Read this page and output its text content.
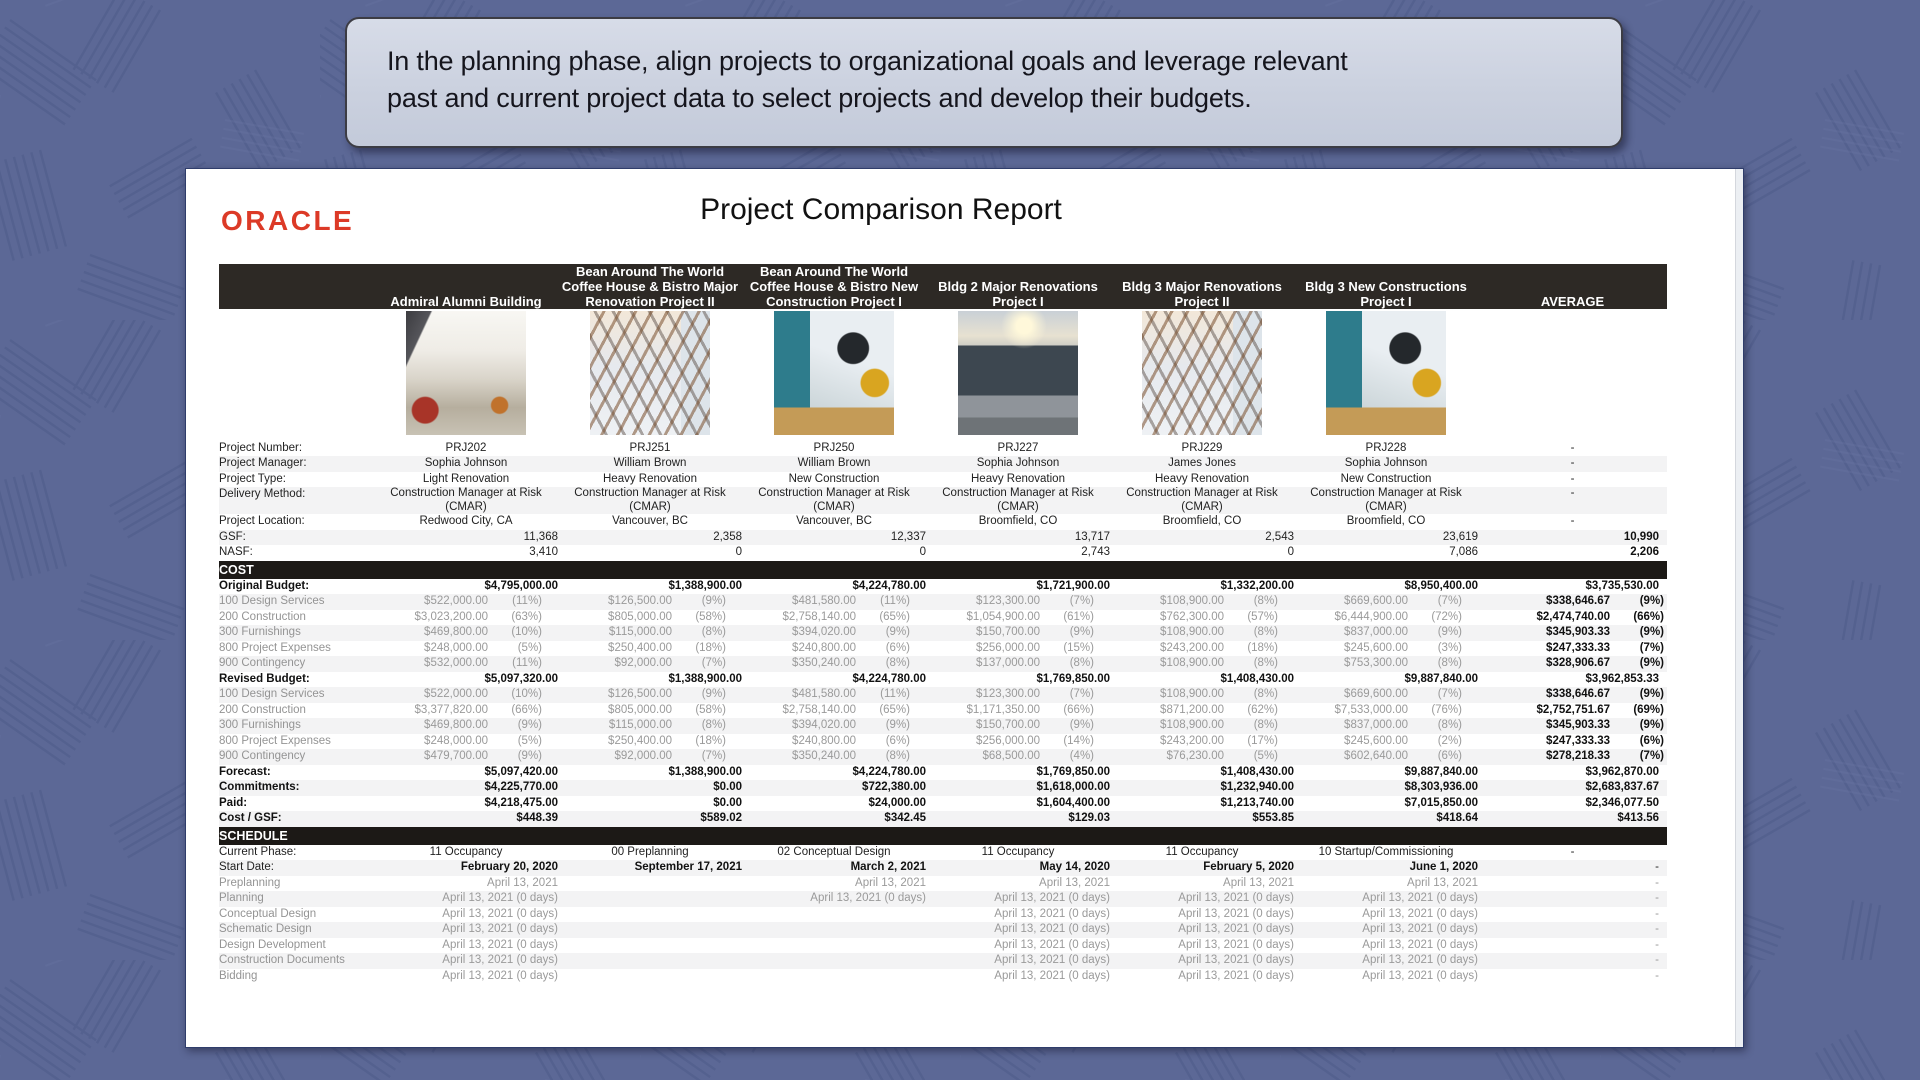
In the planning phase, align projects to organizational goals and leverage relevant
past and current project data to select projects and develop their budgets.
ORACLE	Project Comparison Report
	Admiral Alumni Building	Bean Around The World Coffee House & Bistro Major Renovation Project II	Bean Around The World Coffee House & Bistro New Construction Project I	Bldg 2 Major Renovations Project I	Bldg 3 Major Renovations Project II	Bldg 3 New Constructions Project I	AVERAGE

Project Number:	PRJ202	PRJ251	PRJ250	PRJ227	PRJ229	PRJ228	-
Project Manager:	Sophia Johnson	William Brown	William Brown	Sophia Johnson	James Jones	Sophia Johnson	-
Project Type:	Light Renovation	Heavy Renovation	New Construction	Heavy Renovation	Heavy Renovation	New Construction	-
Delivery Method:	Construction Manager at Risk (CMAR)	Construction Manager at Risk (CMAR)	Construction Manager at Risk (CMAR)	Construction Manager at Risk (CMAR)	Construction Manager at Risk (CMAR)	Construction Manager at Risk (CMAR)	-
Project Location:	Redwood City, CA	Vancouver, BC	Vancouver, BC	Broomfield, CO	Broomfield, CO	Broomfield, CO	-
GSF:	11,368	2,358	12,337	13,717	2,543	23,619	10,990
NASF:	3,410	0	0	2,743	0	7,086	2,206
COST							
Original Budget:	$4,795,000.00	$1,388,900.00	$4,224,780.00	$1,721,900.00	$1,332,200.00	$8,950,400.00	$3,735,530.00
100 Design Services	$522,000.00 (11%)	$126,500.00 (9%)	$481,580.00 (11%)	$123,300.00 (7%)	$108,900.00 (8%)	$669,600.00 (7%)	$338,646.67 (9%)

200 Construction	$3,023,200.00 (63%)	$805,000.00 (58%)	$2,758,140.00 (65%)	$1,054,900.00 (61%)	$762,300.00 (57%)	$6,444,900.00 (72%)	$2,474,740.00 (66%)

300 Furnishings	$469,800.00 (10%)	$115,000.00 (8%)	$394,020.00 (9%)	$150,700.00 (9%)	$108,900.00 (8%)	$837,000.00 (9%)	$345,903.33 (9%)

800 Project Expenses	$248,000.00 (5%)	$250,400.00 (18%)	$240,800.00 (6%)	$256,000.00 (15%)	$243,200.00 (18%)	$245,600.00 (3%)	$247,333.33 (7%)

900 Contingency	$532,000.00 (11%)	$92,000.00 (7%)	$350,240.00 (8%)	$137,000.00 (8%)	$108,900.00 (8%)	$753,300.00 (8%)	$328,906.67 (9%)

Revised Budget:	$5,097,320.00	$1,388,900.00	$4,224,780.00	$1,769,850.00	$1,408,430.00	$9,887,840.00	$3,962,853.33
100 Design Services	$522,000.00 (10%)	$126,500.00 (9%)	$481,580.00 (11%)	$123,300.00 (7%)	$108,900.00 (8%)	$669,600.00 (7%)	$338,646.67 (9%)

200 Construction	$3,377,820.00 (66%)	$805,000.00 (58%)	$2,758,140.00 (65%)	$1,171,350.00 (66%)	$871,200.00 (62%)	$7,533,000.00 (76%)	$2,752,751.67 (69%)

300 Furnishings	$469,800.00 (9%)	$115,000.00 (8%)	$394,020.00 (9%)	$150,700.00 (9%)	$108,900.00 (8%)	$837,000.00 (8%)	$345,903.33 (9%)

800 Project Expenses	$248,000.00 (5%)	$250,400.00 (18%)	$240,800.00 (6%)	$256,000.00 (14%)	$243,200.00 (17%)	$245,600.00 (2%)	$247,333.33 (6%)

900 Contingency	$479,700.00 (9%)	$92,000.00 (7%)	$350,240.00 (8%)	$68,500.00 (4%)	$76,230.00 (5%)	$602,640.00 (6%)	$278,218.33 (7%)

Forecast:	$5,097,420.00	$1,388,900.00	$4,224,780.00	$1,769,850.00	$1,408,430.00	$9,887,840.00	$3,962,870.00
Commitments:	$4,225,770.00	$0.00	$722,380.00	$1,618,000.00	$1,232,940.00	$8,303,936.00	$2,683,837.67
Paid:	$4,218,475.00	$0.00	$24,000.00	$1,604,400.00	$1,213,740.00	$7,015,850.00	$2,346,077.50
Cost / GSF:	$448.39	$589.02	$342.45	$129.03	$553.85	$418.64	$413.56
SCHEDULE							
Current Phase:	11 Occupancy	00 Preplanning	02 Conceptual Design	11 Occupancy	11 Occupancy	10 Startup/Commissioning	-
Start Date:	February 20, 2020	September 17, 2021	March 2, 2021	May 14, 2020	February 5, 2020	June 1, 2020	-
Preplanning	April 13, 2021		April 13, 2021	April 13, 2021	April 13, 2021	April 13, 2021	-
Planning	April 13, 2021 (0 days)		April 13, 2021 (0 days)	April 13, 2021 (0 days)	April 13, 2021 (0 days)	April 13, 2021 (0 days)	-
Conceptual Design	April 13, 2021 (0 days)			April 13, 2021 (0 days)	April 13, 2021 (0 days)	April 13, 2021 (0 days)	-
Schematic Design	April 13, 2021 (0 days)			April 13, 2021 (0 days)	April 13, 2021 (0 days)	April 13, 2021 (0 days)	-
Design Development	April 13, 2021 (0 days)			April 13, 2021 (0 days)	April 13, 2021 (0 days)	April 13, 2021 (0 days)	-
Construction Documents	April 13, 2021 (0 days)			April 13, 2021 (0 days)	April 13, 2021 (0 days)	April 13, 2021 (0 days)	-
Bidding	April 13, 2021 (0 days)			April 13, 2021 (0 days)	April 13, 2021 (0 days)	April 13, 2021 (0 days)	-
